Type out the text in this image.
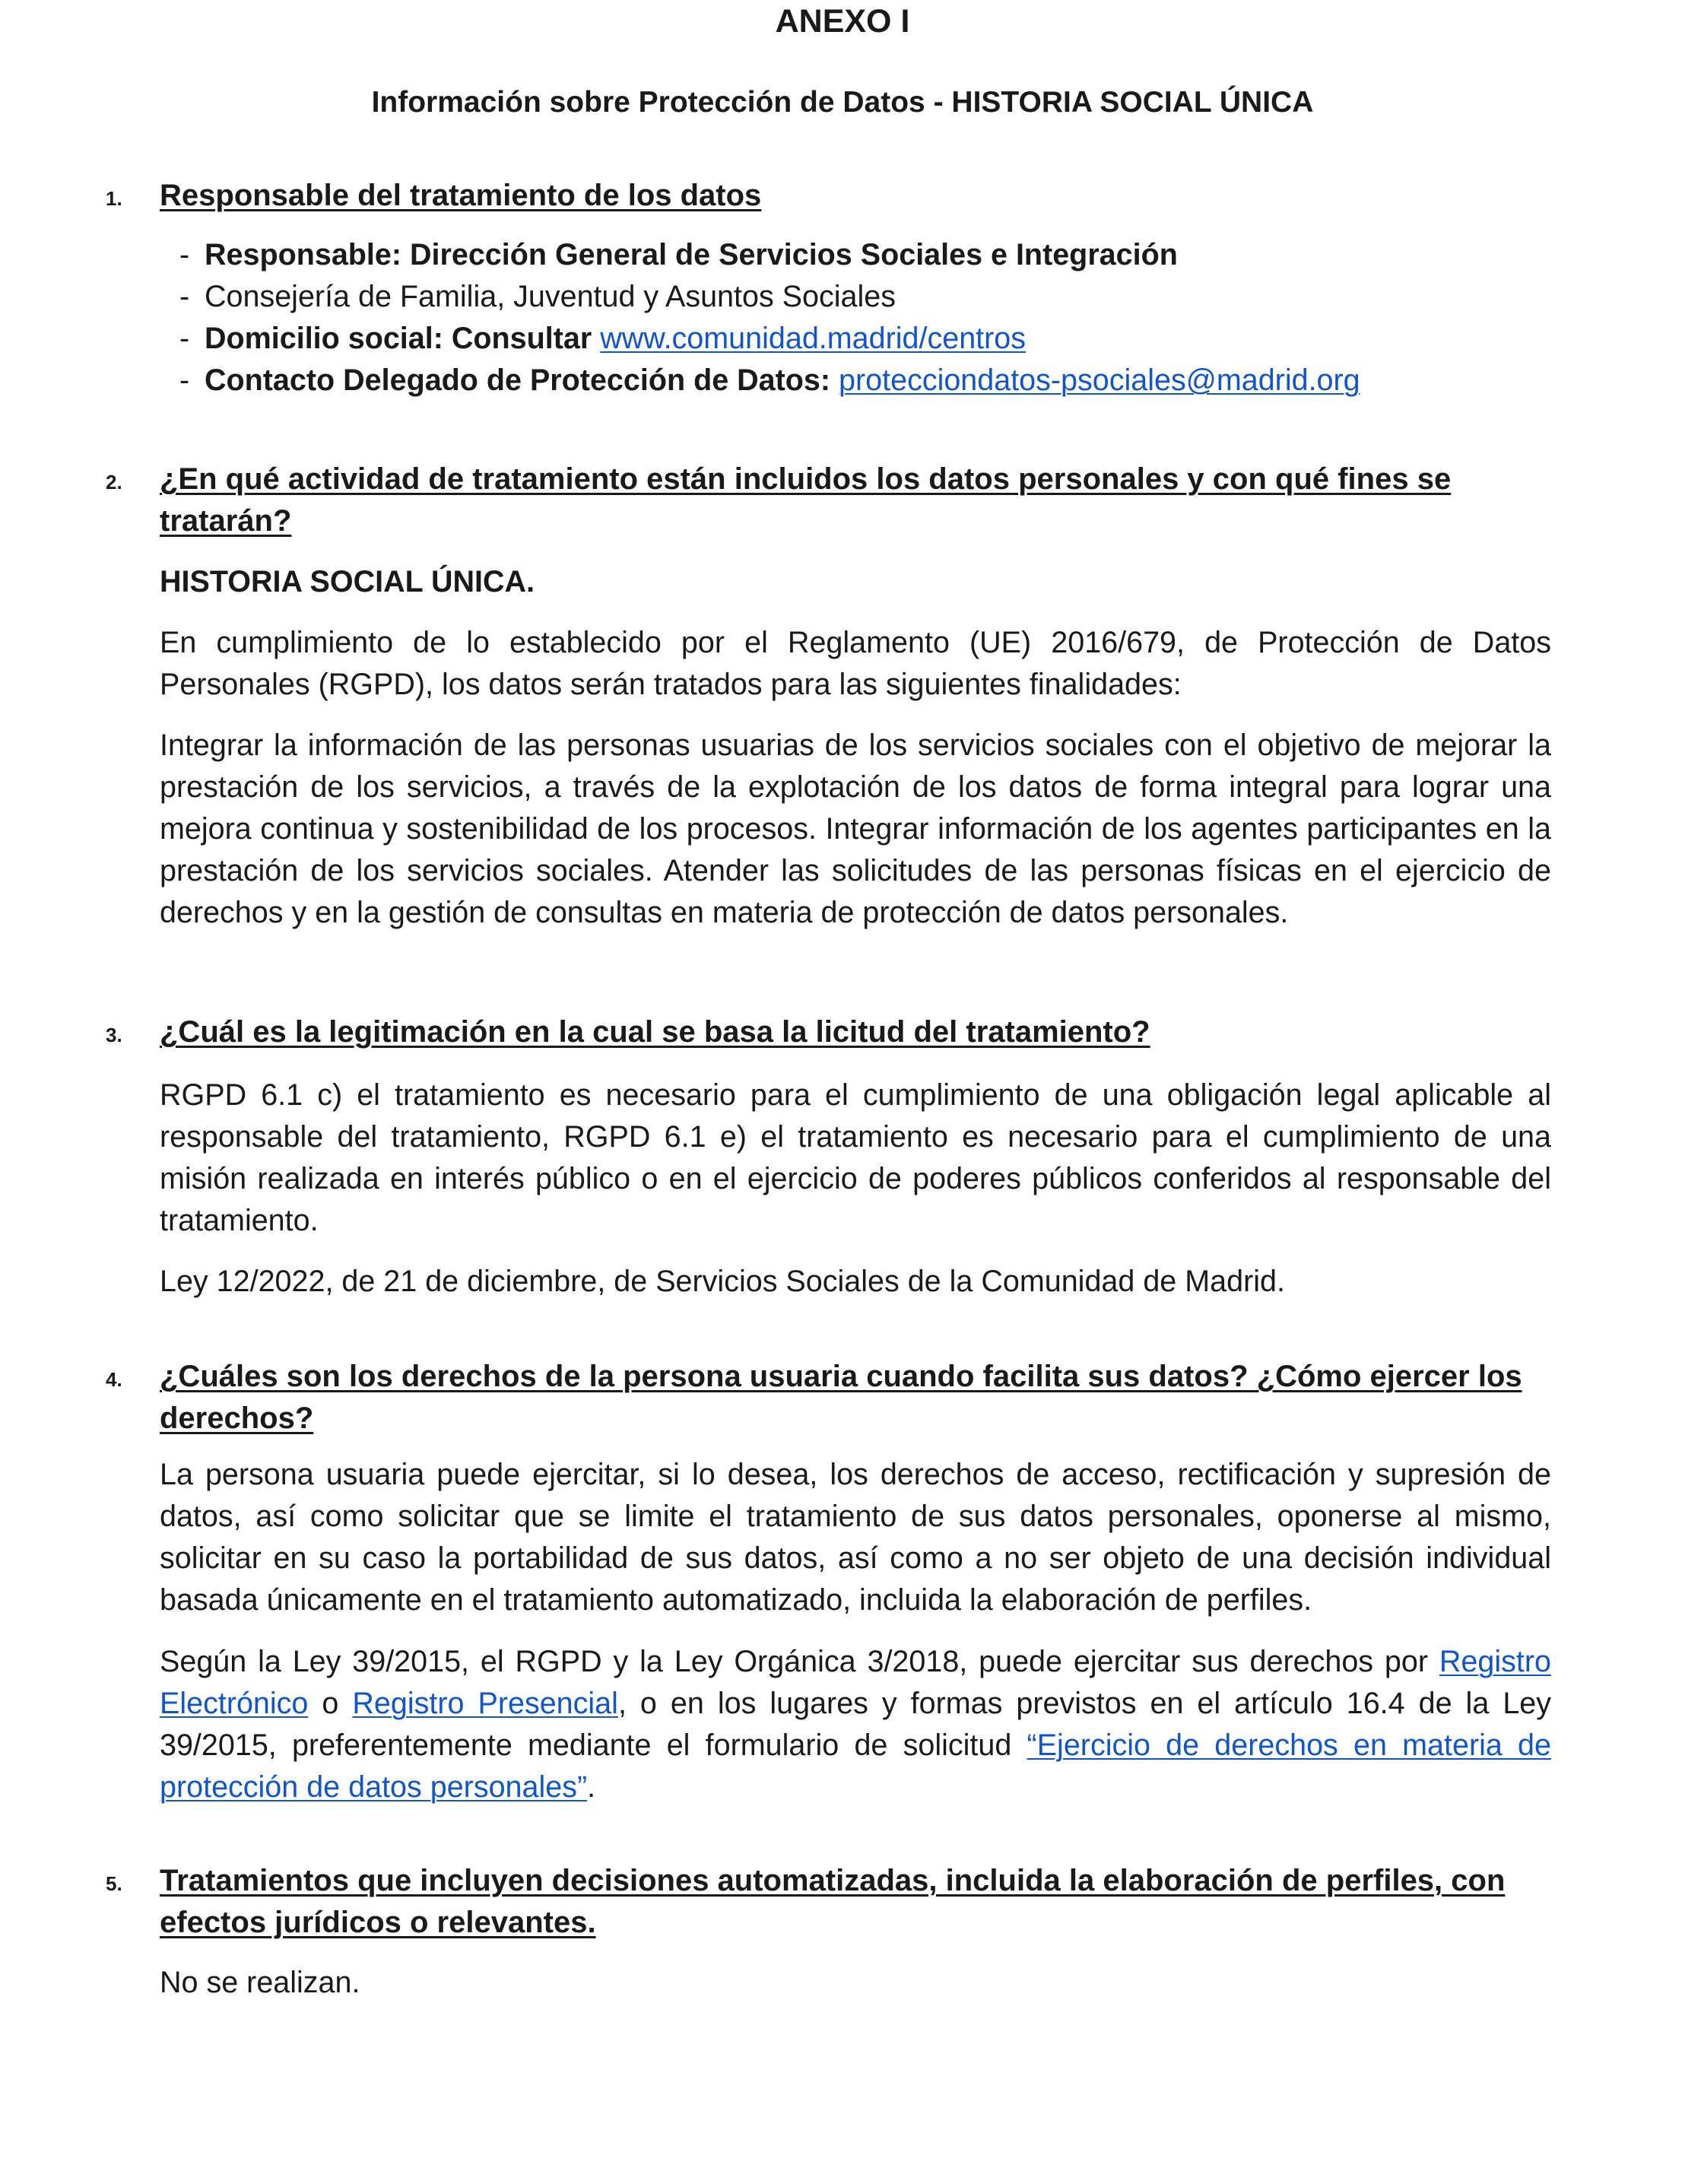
ANEXO I
Información sobre Protección de Datos - HISTORIA SOCIAL ÚNICA
1. Responsable del tratamiento de los datos
- Responsable: Dirección General de Servicios Sociales e Integración
- Consejería de Familia, Juventud y Asuntos Sociales
- Domicilio social: Consultar www.comunidad.madrid/centros
- Contacto Delegado de Protección de Datos: protecciondatos-psociales@madrid.org
2. ¿En qué actividad de tratamiento están incluidos los datos personales y con qué fines se tratarán?

HISTORIA SOCIAL ÚNICA.

En cumplimiento de lo establecido por el Reglamento (UE) 2016/679, de Protección de Datos Personales (RGPD), los datos serán tratados para las siguientes finalidades:

Integrar la información de las personas usuarias de los servicios sociales con el objetivo de mejorar la prestación de los servicios, a través de la explotación de los datos de forma integral para lograr una mejora continua y sostenibilidad de los procesos. Integrar información de los agentes participantes en la prestación de los servicios sociales. Atender las solicitudes de las personas físicas en el ejercicio de derechos y en la gestión de consultas en materia de protección de datos personales.

3. ¿Cuál es la legitimación en la cual se basa la licitud del tratamiento?

RGPD 6.1 c) el tratamiento es necesario para el cumplimiento de una obligación legal aplicable al responsable del tratamiento, RGPD 6.1 e) el tratamiento es necesario para el cumplimiento de una misión realizada en interés público o en el ejercicio de poderes públicos conferidos al responsable del tratamiento.

Ley 12/2022, de 21 de diciembre, de Servicios Sociales de la Comunidad de Madrid.

4. ¿Cuáles son los derechos de la persona usuaria cuando facilita sus datos? ¿Cómo ejercer los derechos?

La persona usuaria puede ejercitar, si lo desea, los derechos de acceso, rectificación y supresión de datos, así como solicitar que se limite el tratamiento de sus datos personales, oponerse al mismo, solicitar en su caso la portabilidad de sus datos, así como a no ser objeto de una decisión individual basada únicamente en el tratamiento automatizado, incluida la elaboración de perfiles.

Según la Ley 39/2015, el RGPD y la Ley Orgánica 3/2018, puede ejercitar sus derechos por Registro Electrónico o Registro Presencial, o en los lugares y formas previstos en el artículo 16.4 de la Ley 39/2015, preferentemente mediante el formulario de solicitud “Ejercicio de derechos en materia de protección de datos personales”.

5. Tratamientos que incluyen decisiones automatizadas, incluida la elaboración de perfiles, con efectos jurídicos o relevantes.

No se realizan.
